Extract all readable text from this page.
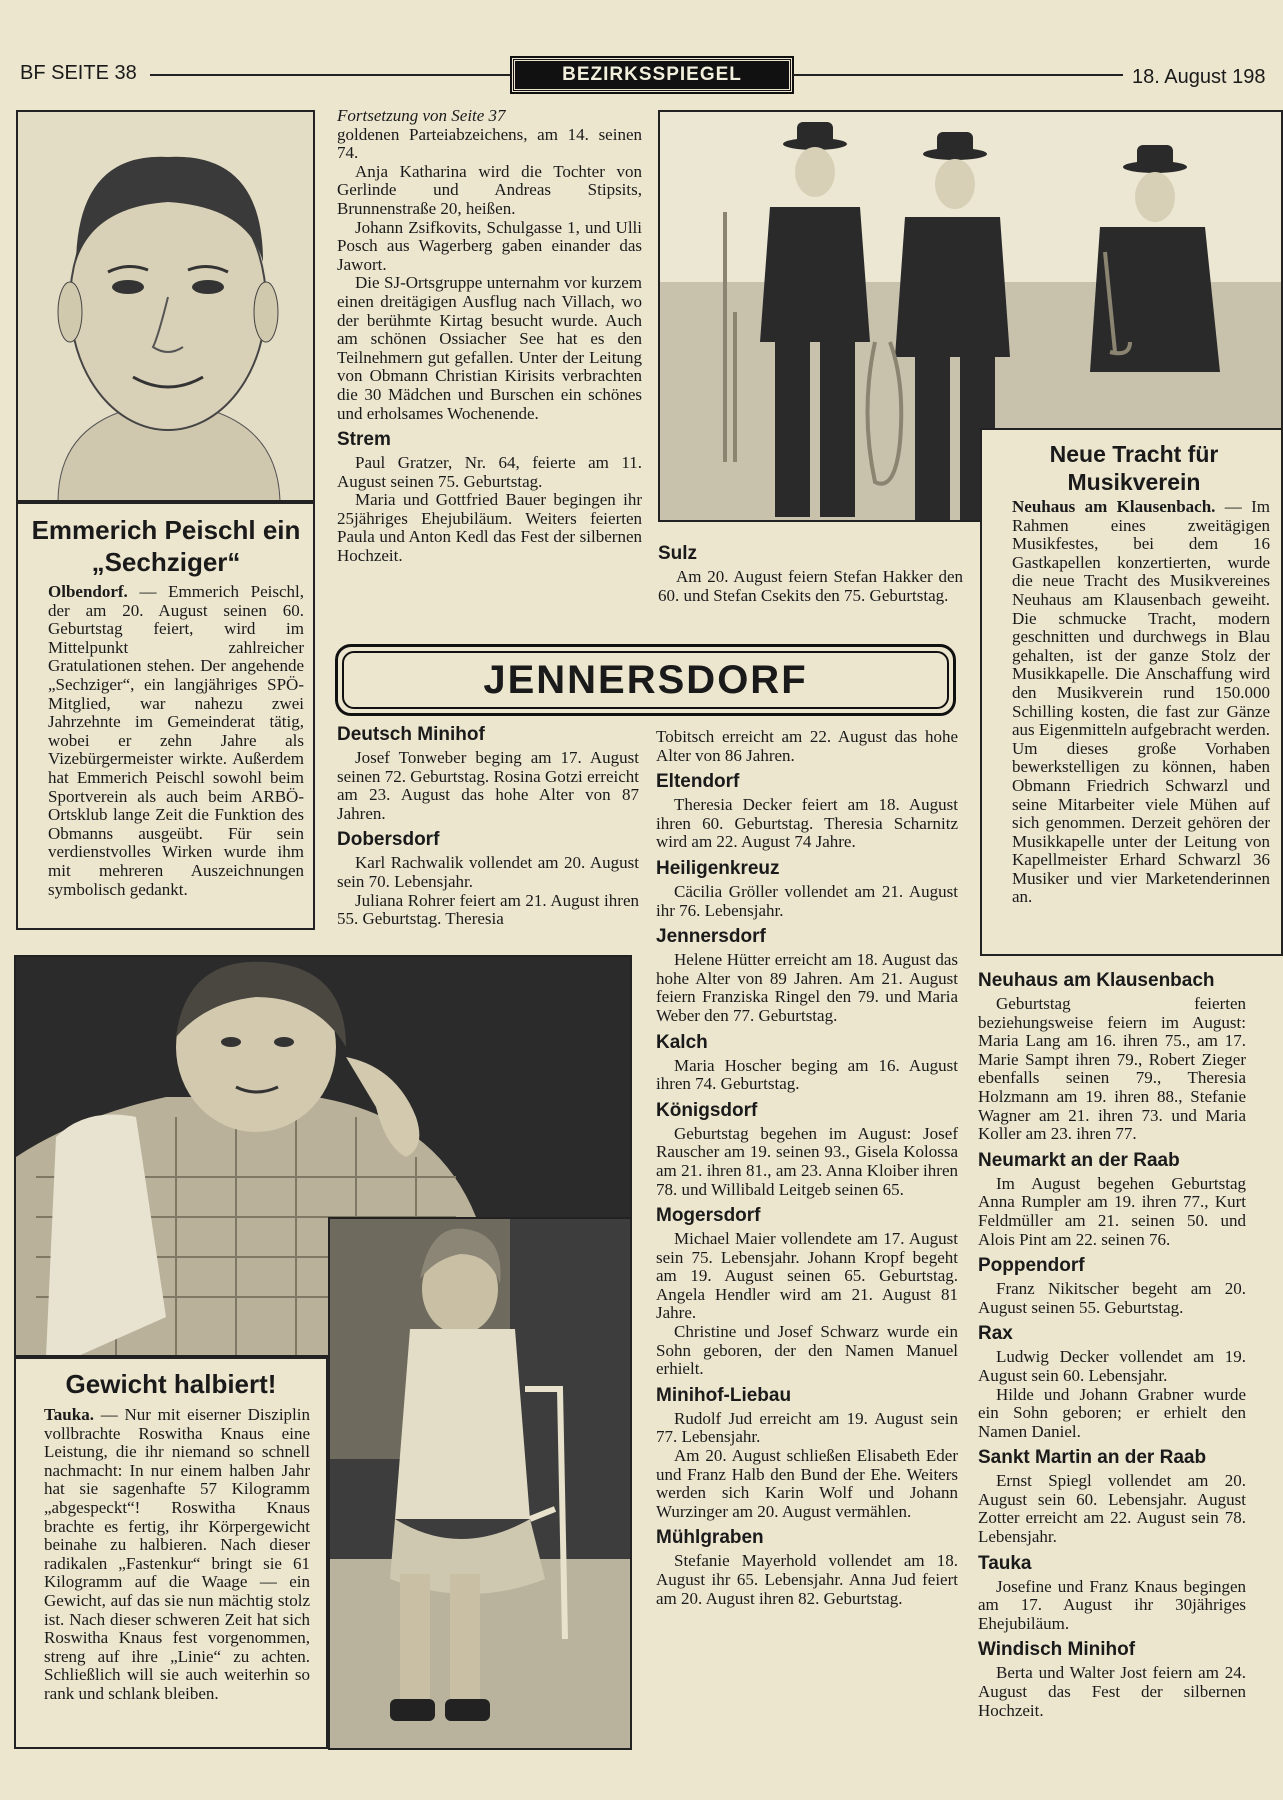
BF SEITE 38	BEZIRKSSPIEGEL	18. August 198
Emmerich Peischl ein „Sechziger“

Olbendorf. — Emmerich Peischl, der am 20. August seinen 60. Geburtstag feiert, wird im Mittelpunkt zahlreicher Gratulationen stehen. Der angehende „Sechziger“, ein langjähriges SPÖ-Mitglied, war nahezu zwei Jahrzehnte im Gemeinderat tätig, wobei er zehn Jahre als Vizebürgermeister wirkte. Außerdem hat Emmerich Peischl sowohl beim Sportverein als auch beim ARBÖ-Ortsklub lange Zeit die Funktion des Obmanns ausgeübt. Für sein verdienstvolles Wirken wurde ihm mit mehreren Auszeichnungen symbolisch gedankt.

Fortsetzung von Seite 37

goldenen Parteiabzeichens, am 14. seinen 74.

Anja Katharina wird die Tochter von Gerlinde und Andreas Stipsits, Brunnenstraße 20, heißen.

Johann Zsifkovits, Schulgasse 1, und Ulli Posch aus Wagerberg gaben einander das Jawort.

Die SJ-Ortsgruppe unternahm vor kurzem einen dreitägigen Ausflug nach Villach, wo der berühmte Kirtag besucht wurde. Auch am schönen Ossiacher See hat es den Teilnehmern gut gefallen. Unter der Leitung von Obmann Christian Kirisits verbrachten die 30 Mädchen und Burschen ein schönes und erholsames Wochenende.

Strem

Paul Gratzer, Nr. 64, feierte am 11. August seinen 75. Geburtstag.

Maria und Gottfried Bauer begingen ihr 25jähriges Ehejubiläum. Weiters feierten Paula und Anton Kedl das Fest der silbernen Hochzeit.

Neue Tracht für Musikverein

Neuhaus am Klausenbach. — Im Rahmen eines zweitägigen Musikfestes, bei dem 16 Gastkapellen konzertierten, wurde die neue Tracht des Musikvereines Neuhaus am Klausenbach geweiht. Die schmucke Tracht, modern geschnitten und durchwegs in Blau gehalten, ist der ganze Stolz der Musikkapelle. Die Anschaffung wird den Musikverein rund 150.000 Schilling kosten, die fast zur Gänze aus Eigenmitteln aufgebracht werden. Um dieses große Vorhaben bewerkstelligen zu können, haben Obmann Friedrich Schwarzl und seine Mitarbeiter viele Mühen auf sich genommen. Derzeit gehören der Musikkapelle unter der Leitung von Kapellmeister Erhard Schwarzl 36 Musiker und vier Marketenderinnen an.

Sulz

Am 20. August feiern Stefan Hakker den 60. und Stefan Csekits den 75. Geburtstag.

JENNERSDORF
Deutsch Minihof

Josef Tonweber beging am 17. August seinen 72. Geburtstag. Rosina Gotzi erreicht am 23. August das hohe Alter von 87 Jahren.

Dobersdorf

Karl Rachwalik vollendet am 20. August sein 70. Lebensjahr.

Juliana Rohrer feiert am 21. August ihren 55. Geburtstag. Theresia

Tobitsch erreicht am 22. August das hohe Alter von 86 Jahren.

Eltendorf

Theresia Decker feiert am 18. August ihren 60. Geburtstag. Theresia Scharnitz wird am 22. August 74 Jahre.

Heiligenkreuz

Cäcilia Gröller vollendet am 21. August ihr 76. Lebensjahr.

Jennersdorf

Helene Hütter erreicht am 18. August das hohe Alter von 89 Jahren. Am 21. August feiern Franziska Ringel den 79. und Maria Weber den 77. Geburtstag.

Kalch

Maria Hoscher beging am 16. August ihren 74. Geburtstag.

Königsdorf

Geburtstag begehen im August: Josef Rauscher am 19. seinen 93., Gisela Kolossa am 21. ihren 81., am 23. Anna Kloiber ihren 78. und Willibald Leitgeb seinen 65.

Mogersdorf

Michael Maier vollendete am 17. August sein 75. Lebensjahr. Johann Kropf begeht am 19. August seinen 65. Geburtstag. Angela Hendler wird am 21. August 81 Jahre.

Christine und Josef Schwarz wurde ein Sohn geboren, der den Namen Manuel erhielt.

Minihof-Liebau

Rudolf Jud erreicht am 19. August sein 77. Lebensjahr.

Am 20. August schließen Elisabeth Eder und Franz Halb den Bund der Ehe. Weiters werden sich Karin Wolf und Johann Wurzinger am 20. August vermählen.

Mühlgraben

Stefanie Mayerhold vollendet am 18. August ihr 65. Lebensjahr. Anna Jud feiert am 20. August ihren 82. Geburtstag.

Neuhaus am Klausenbach

Geburtstag feierten beziehungsweise feiern im August: Maria Lang am 16. ihren 75., am 17. Marie Sampt ihren 79., Robert Zieger ebenfalls seinen 79., Theresia Holzmann am 19. ihren 88., Stefanie Wagner am 21. ihren 73. und Maria Koller am 23. ihren 77.

Neumarkt an der Raab

Im August begehen Geburtstag Anna Rumpler am 19. ihren 77., Kurt Feldmüller am 21. seinen 50. und Alois Pint am 22. seinen 76.

Poppendorf

Franz Nikitscher begeht am 20. August seinen 55. Geburtstag.

Rax

Ludwig Decker vollendet am 19. August sein 60. Lebensjahr.

Hilde und Johann Grabner wurde ein Sohn geboren; er erhielt den Namen Daniel.

Sankt Martin an der Raab

Ernst Spiegl vollendet am 20. August sein 60. Lebensjahr. August Zotter erreicht am 22. August sein 78. Lebensjahr.

Tauka

Josefine und Franz Knaus begingen am 17. August ihr 30jähriges Ehejubiläum.

Windisch Minihof

Berta und Walter Jost feiern am 24. August das Fest der silbernen Hochzeit.

Gewicht halbiert!

Tauka. — Nur mit eiserner Disziplin vollbrachte Roswitha Knaus eine Leistung, die ihr niemand so schnell nachmacht: In nur einem halben Jahr hat sie sagenhafte 57 Kilogramm „abgespeckt“! Roswitha Knaus brachte es fertig, ihr Körpergewicht beinahe zu halbieren. Nach dieser radikalen „Fastenkur“ bringt sie 61 Kilogramm auf die Waage — ein Gewicht, auf das sie nun mächtig stolz ist. Nach dieser schweren Zeit hat sich Roswitha Knaus fest vorgenommen, streng auf ihre „Linie“ zu achten. Schließlich will sie auch weiterhin so rank und schlank bleiben.
